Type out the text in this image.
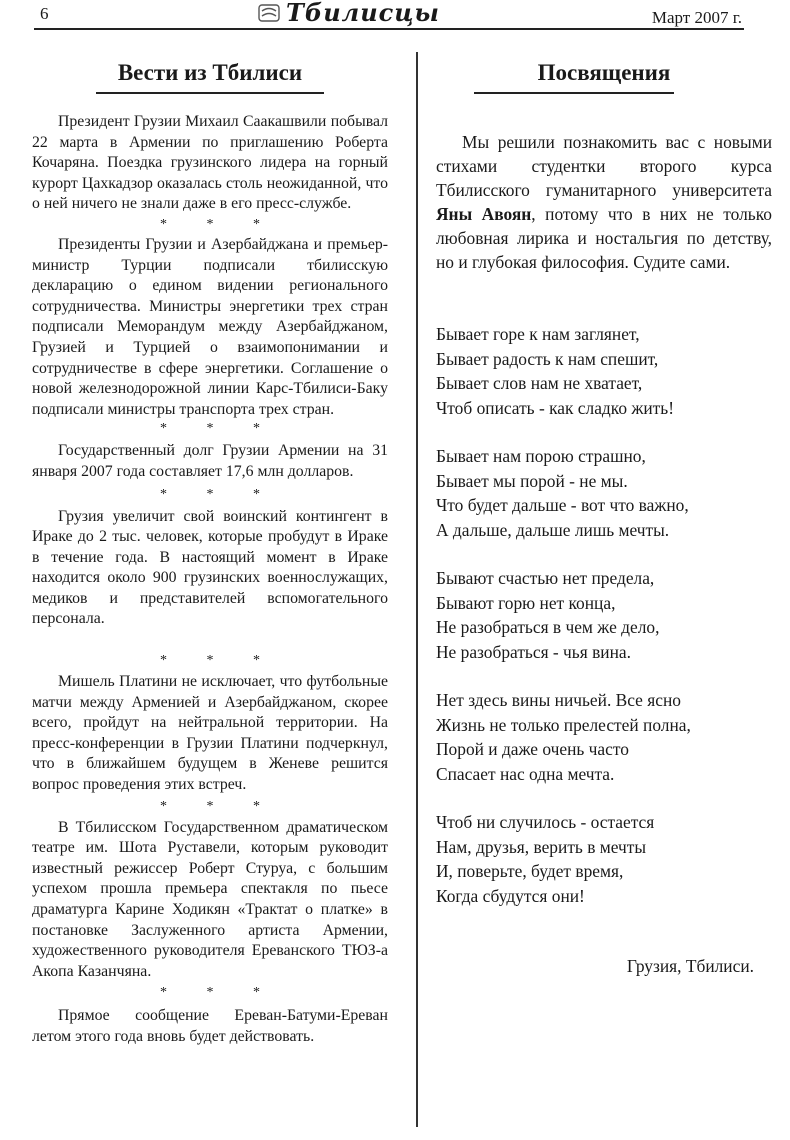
6	Тбилисцы	Март 2007 г.
Вести из Тбилиси

Президент Грузии Михаил Саакашвили побывал 22 марта в Армении по приглашению Роберта Кочаряна. Поездка грузинского лидера на горный курорт Цахкадзор оказалась столь неожиданной, что о ней ничего не знали даже в его пресс-службе.

* * *

Президенты Грузии и Азербайджана и премьер-министр Турции подписали тбилисскую декларацию о едином видении регионального сотрудничества. Министры энергетики трех стран подписали Меморандум между Азербайджаном, Грузией и Турцией о взаимопонимании и сотрудничестве в сфере энергетики. Соглашение о новой железнодорожной линии Карс-Тбилиси-Баку подписали министры транспорта трех стран.

* * *

Государственный долг Грузии Армении на 31 января 2007 года составляет 17,6 млн долларов.

* * *

Грузия увеличит свой воинский контингент в Ираке до 2 тыс. человек, которые пробудут в Ираке в течение года. В настоящий момент в Ираке находится около 900 грузинских военнослужащих, медиков и представителей вспомогательного персонала.

* * *

Мишель Платини не исключает, что футбольные матчи между Арменией и Азербайджаном, скорее всего, пройдут на нейтральной территории. На пресс-конференции в Грузии Платини подчеркнул, что в ближайшем будущем в Женеве решится вопрос проведения этих встреч.

* * *

В Тбилисском Государственном драматическом театре им. Шота Руставели, которым руководит известный режиссер Роберт Стуруа, с большим успехом прошла премьера спектакля по пьесе драматурга Карине Ходикян «Трактат о платке» в постановке Заслуженного артиста Армении, художественного руководителя Ереванского ТЮЗ-а Акопа Казанчяна.

* * *

Прямое сообщение Ереван-Батуми-Ереван летом этого года вновь будет действовать.

Посвящения

Мы решили познакомить вас с новыми стихами студентки второго курса Тбилисского гуманитарного университета Яны Авоян, потому что в них не только любовная лирика и ностальгия по детству, но и глубокая философия. Судите сами.

Бывает горе к нам заглянет,
Бывает радость к нам спешит,
Бывает слов нам не хватает,
Чтоб описать - как сладко жить!
Бывает нам порою страшно,
Бывает мы порой - не мы.
Что будет дальше - вот что важно,
А дальше, дальше лишь мечты.
Бывают счастью нет предела,
Бывают горю нет конца,
Не разобраться в чем же дело,
Не разобраться - чья вина.
Нет здесь вины ничьей. Все ясно
Жизнь не только прелестей полна,
Порой и даже очень часто
Спасает нас одна мечта.
Чтоб ни случилось - остается
Нам, друзья, верить в мечты
И, поверьте, будет время,
Когда сбудутся они!

Грузия, Тбилиси.
